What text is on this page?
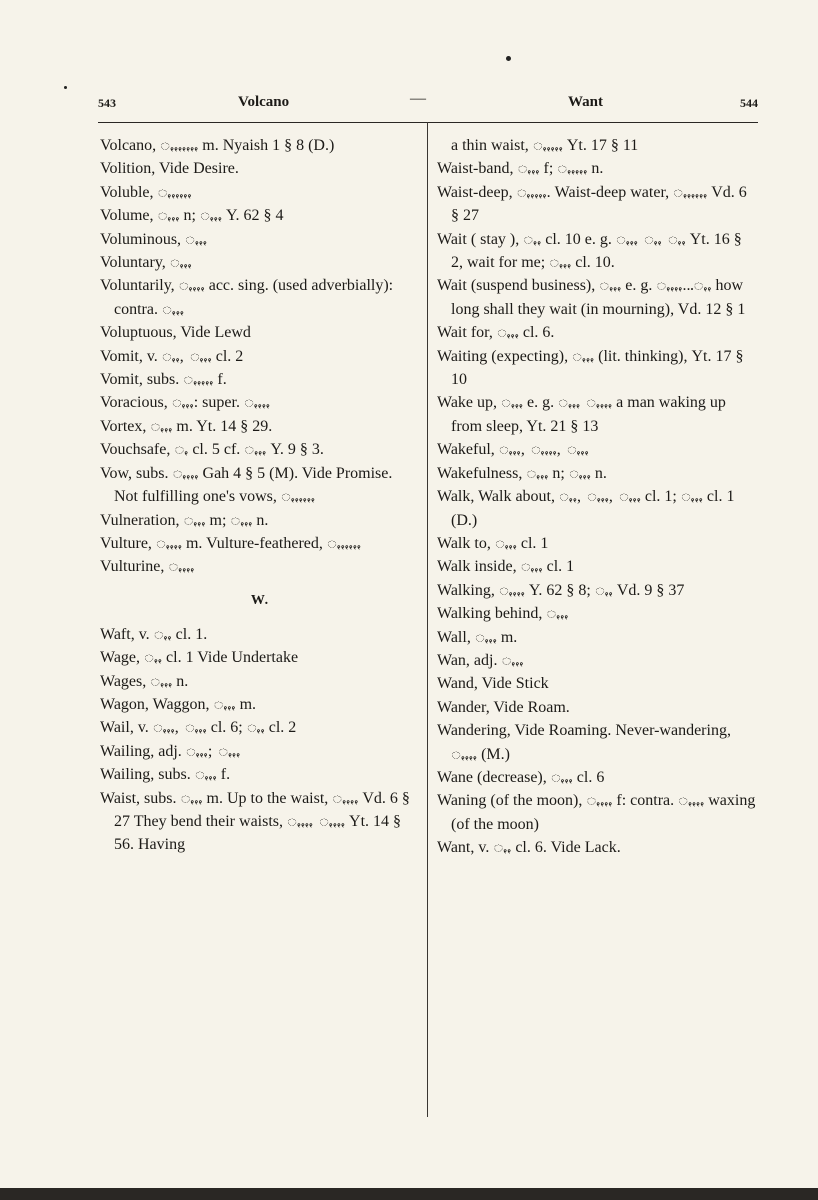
543	Volcano	—	Want	544

Volcano, ꩻꩻꩻꩻꩻꩻꩻ m. Nyaish 1 § 8 (D.)

Volition, Vide Desire.

Voluble, ꩻꩻꩻꩻꩻꩻ

Volume, ꩻꩻꩻ n; ꩻꩻꩻ Y. 62 § 4

Voluminous, ꩻꩻꩻ

Voluntary, ꩻꩻꩻ

Voluntarily, ꩻꩻꩻꩻ acc. sing. (used adverbially): contra. ꩻꩻꩻ

Voluptuous, Vide Lewd

Vomit, v. ꩻꩻ, ꩻꩻꩻ cl. 2

Vomit, subs. ꩻꩻꩻꩻꩻ f.

Voracious, ꩻꩻꩻ: super. ꩻꩻꩻꩻ

Vortex, ꩻꩻꩻ m. Yt. 14 § 29.

Vouchsafe, ꩻ cl. 5 cf. ꩻꩻꩻ Y. 9 § 3.

Vow, subs. ꩻꩻꩻꩻ Gah 4 § 5 (M). Vide Promise. Not fulfilling one's vows, ꩻꩻꩻꩻꩻꩻ

Vulneration, ꩻꩻꩻ m; ꩻꩻꩻ n.

Vulture, ꩻꩻꩻꩻ m. Vulture-feathered, ꩻꩻꩻꩻꩻꩻ

Vulturine, ꩻꩻꩻꩻ

W.

Waft, v. ꩻꩻ cl. 1.

Wage, ꩻꩻ cl. 1 Vide Undertake

Wages, ꩻꩻꩻ n.

Wagon, Waggon, ꩻꩻꩻ m.

Wail, v. ꩻꩻꩻ, ꩻꩻꩻ cl. 6; ꩻꩻ cl. 2

Wailing, adj. ꩻꩻꩻ; ꩻꩻꩻ

Wailing, subs. ꩻꩻꩻ f.

Waist, subs. ꩻꩻꩻ m. Up to the waist, ꩻꩻꩻꩻ Vd. 6 § 27 They bend their waists, ꩻꩻꩻꩻ ꩻꩻꩻꩻ Yt. 14 § 56. Having

a thin waist, ꩻꩻꩻꩻꩻ Yt. 17 § 11

Waist-band, ꩻꩻꩻ f; ꩻꩻꩻꩻꩻ n.

Waist-deep, ꩻꩻꩻꩻꩻ. Waist-deep water, ꩻꩻꩻꩻꩻꩻ Vd. 6 § 27

Wait ( stay ), ꩻꩻ cl. 10 e. g. ꩻꩻꩻ ꩻꩻ ꩻꩻ Yt. 16 § 2, wait for me; ꩻꩻꩻ cl. 10.

Wait (suspend business), ꩻꩻꩻ e. g. ꩻꩻꩻꩻ...ꩻꩻ how long shall they wait (in mourning), Vd. 12 § 1

Wait for, ꩻꩻꩻ cl. 6.

Waiting (expecting), ꩻꩻꩻ (lit. thinking), Yt. 17 § 10

Wake up, ꩻꩻꩻ e. g. ꩻꩻꩻ ꩻꩻꩻꩻ a man waking up from sleep, Yt. 21 § 13

Wakeful, ꩻꩻꩻ, ꩻꩻꩻꩻ, ꩻꩻꩻ

Wakefulness, ꩻꩻꩻ n; ꩻꩻꩻ n.

Walk, Walk about, ꩻꩻ, ꩻꩻꩻ, ꩻꩻꩻ cl. 1; ꩻꩻꩻ cl. 1 (D.)

Walk to, ꩻꩻꩻ cl. 1

Walk inside, ꩻꩻꩻ cl. 1

Walking, ꩻꩻꩻꩻ Y. 62 § 8; ꩻꩻ Vd. 9 § 37

Walking behind, ꩻꩻꩻ

Wall, ꩻꩻꩻ m.

Wan, adj. ꩻꩻꩻ

Wand, Vide Stick

Wander, Vide Roam.

Wandering, Vide Roaming. Never-wandering, ꩻꩻꩻꩻ (M.)

Wane (decrease), ꩻꩻꩻ cl. 6

Waning (of the moon), ꩻꩻꩻꩻ f: contra. ꩻꩻꩻꩻ waxing (of the moon)

Want, v. ꩻꩻ cl. 6. Vide Lack.
